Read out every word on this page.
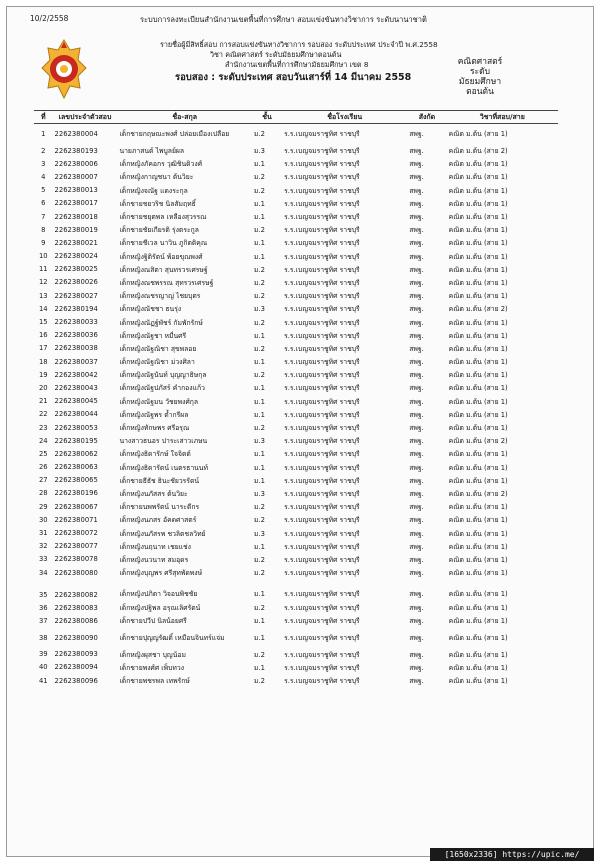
10/2/2558	ระบบการลงทะเบียนสำนักงานเขตพื้นที่การศึกษา สอบแข่งขันทางวิชาการ ระดับนานาชาติ
รายชื่อผู้มีสิทธิ์สอบ การสอบแข่งขันทางวิชาการ รอบสอง ระดับประเทศ ประจำปี พ.ศ.2558
วิชา คณิตศาสตร์ ระดับมัธยมศึกษาตอนต้น
สำนักงานเขตพื้นที่การศึกษามัธยมศึกษา เขต 8
รอบสอง : ระดับประเทศ สอบวันเสาร์ที่ 14 มีนาคม 2558
คณิตศาสตร์
ระดับ
มัธยมศึกษา
ตอนต้น
ที่	เลขประจำตัวสอบ	ชื่อ-สกุล	ชั้น	ชื่อโรงเรียน	สังกัด	วิชาที่สอบ/สาย
1	2262380004	เด็กชายกฤษณะพงศ์ ปล่อยเมืองเปลือย	ม.2	ร.ร.เบญจมราชูทิศ ราชบุรี	สพฐ.	คณิต ม.ต้น (สาย 1)
2	2262380193	นายภาสนต์ ไพบูลย์ผล	ม.3	ร.ร.เบญจมราชูทิศ ราชบุรี	สพฐ.	คณิต ม.ต้น (สาย 2)
3	2262380006	เด็กหญิงภัคอกร วุฒิชินดิวงศ์	ม.1	ร.ร.เบญจมราชูทิศ ราชบุรี	สพฐ.	คณิต ม.ต้น (สาย 1)
4	2262380007	เด็กหญิงกาญชนา ต้นวิยะ	ม.2	ร.ร.เบญจมราชูทิศ ราชบุรี	สพฐ.	คณิต ม.ต้น (สาย 1)
5	2262380013	เด็กหญิงจณัฐ แดงระกุล	ม.2	ร.ร.เบญจมราชูทิศ ราชบุรี	สพฐ.	คณิต ม.ต้น (สาย 1)
6	2262380017	เด็กชายชยวริช นิลสัมฤทธิ์	ม.1	ร.ร.เบญจมราชูทิศ ราชบุรี	สพฐ.	คณิต ม.ต้น (สาย 1)
7	2262380018	เด็กชายชยุตพล เหลืองสุวรรณ	ม.1	ร.ร.เบญจมราชูทิศ ราชบุรี	สพฐ.	คณิต ม.ต้น (สาย 1)
8	2262380019	เด็กชายชัยเกียรติ รุ่งตระกูล	ม.2	ร.ร.เบญจมราชูทิศ ราชบุรี	สพฐ.	คณิต ม.ต้น (สาย 1)
9	2262380021	เด็กชายชีเวล นาวิน ภูกิตติคุณ	ม.1	ร.ร.เบญจมราชูทิศ ราชบุรี	สพฐ.	คณิต ม.ต้น (สาย 1)
10	2262380024	เด็กหญิงฐิติรัตน์ พ้อยขุณพงศ์	ม.1	ร.ร.เบญจมราชูทิศ ราชบุรี	สพฐ.	คณิต ม.ต้น (สาย 1)
11	2262380025	เด็กหญิงณสิตา สุนทรวรเศรษฐ์	ม.2	ร.ร.เบญจมราชูทิศ ราชบุรี	สพฐ.	คณิต ม.ต้น (สาย 1)
12	2262380026	เด็กหญิงณชพรรณ สุทรวรเศรษฐ์	ม.2	ร.ร.เบญจมราชูทิศ ราชบุรี	สพฐ.	คณิต ม.ต้น (สาย 1)
13	2262380027	เด็กหญิงณชรญาญ่ ไชยบุตร	ม.2	ร.ร.เบญจมราชูทิศ ราชบุรี	สพฐ.	คณิต ม.ต้น (สาย 1)
14	2262380194	เด็กหญิงณัชชา ธนรุ่ง	ม.3	ร.ร.เบญจมราชูทิศ ราชบุรี	สพฐ.	คณิต ม.ต้น (สาย 2)
15	2262380033	เด็กหญิงณัฏฐ์พัชร์ กัมพักรักษ์	ม.2	ร.ร.เบญจมราชูทิศ ราชบุรี	สพฐ.	คณิต ม.ต้น (สาย 1)
16	2262380036	เด็กหญิงณัฐชา หมื่นศรี	ม.1	ร.ร.เบญจมราชูทิศ ราชบุรี	สพฐ.	คณิต ม.ต้น (สาย 1)
17	2262380038	เด็กหญิงณัฐณิชา สุขพลอย	ม.2	ร.ร.เบญจมราชูทิศ ราชบุรี	สพฐ.	คณิต ม.ต้น (สาย 1)
18	2262380037	เด็กหญิงณัฐณิชา ม่วงศิลา	ม.1	ร.ร.เบญจมราชูทิศ ราชบุรี	สพฐ.	คณิต ม.ต้น (สาย 1)
19	2262380042	เด็กหญิงณัฐนันท์ บุญญาธิษกุล	ม.2	ร.ร.เบญจมราชูทิศ ราชบุรี	สพฐ.	คณิต ม.ต้น (สาย 1)
20	2262380043	เด็กหญิงณัฐปภัสร์ คำกองแก้ว	ม.1	ร.ร.เบญจมราชูทิศ ราชบุรี	สพฐ.	คณิต ม.ต้น (สาย 1)
21	2262380045	เด็กหญิงณัฐมน วัชยพงศ์กุล	ม.1	ร.ร.เบญจมราชูทิศ ราชบุรี	สพฐ.	คณิต ม.ต้น (สาย 1)
22	2262380044	เด็กหญิงณัฐพร ต้ำกรีผล	ม.1	ร.ร.เบญจมราชูทิศ ราชบุรี	สพฐ.	คณิต ม.ต้น (สาย 1)
23	2262380053	เด็กหญิงทักษพร ศรีอรุณ	ม.2	ร.ร.เบญจมราชูทิศ ราชบุรี	สพฐ.	คณิต ม.ต้น (สาย 1)
24	2262380195	นางสาวธนอร ปาระเสาวเภษน	ม.3	ร.ร.เบญจมราชูทิศ ราชบุรี	สพฐ.	คณิต ม.ต้น (สาย 2)
25	2262380062	เด็กหญิงธิดารักษ์ ใจจิตต์	ม.1	ร.ร.เบญจมราชูทิศ ราชบุรี	สพฐ.	คณิต ม.ต้น (สาย 1)
26	2262380063	เด็กหญิงธิดารัตน์ เนตรธานนท์	ม.1	ร.ร.เบญจมราชูทิศ ราชบุรี	สพฐ.	คณิต ม.ต้น (สาย 1)
27	2262380065	เด็กชายธีธัช ธินะชัยวรรัตน์	ม.1	ร.ร.เบญจมราชูทิศ ราชบุรี	สพฐ.	คณิต ม.ต้น (สาย 1)
28	2262380196	เด็กหญิงนภัสสร ต้นวิยะ	ม.3	ร.ร.เบญจมราชูทิศ ราชบุรี	สพฐ.	คณิต ม.ต้น (สาย 2)
29	2262380067	เด็กชายนพพรัตน์ นาระดีกร	ม.2	ร.ร.เบญจมราชูทิศ ราชบุรี	สพฐ.	คณิต ม.ต้น (สาย 1)
30	2262380071	เด็กหญิงนภสร อัคดศาสตร์	ม.2	ร.ร.เบญจมราชูทิศ ราชบุรี	สพฐ.	คณิต ม.ต้น (สาย 1)
31	2262380072	เด็กหญิงนภัสรพ ชวลิตชลวิทย์	ม.3	ร.ร.เบญจมราชูทิศ ราชบุรี	สพฐ.	คณิต ม.ต้น (สาย 1)
32	2262380077	เด็กหญิงนฤนาท เชยแช่ง	ม.1	ร.ร.เบญจมราชูทิศ ราชบุรี	สพฐ.	คณิต ม.ต้น (สาย 1)
33	2262380078	เด็กหญิงนวนาท สมอุดร	ม.2	ร.ร.เบญจมราชูทิศ ราชบุรี	สพฐ.	คณิต ม.ต้น (สาย 1)
34	2262380080	เด็กหญิงบุญพร ศรีสุทพัดพงษ์	ม.2	ร.ร.เบญจมราชูทิศ ราชบุรี	สพฐ.	คณิต ม.ต้น (สาย 1)
35	2262380082	เด็กหญิงปภิตา วิจอนพิชชัย	ม.1	ร.ร.เบญจมราชูทิศ ราชบุรี	สพฐ.	คณิต ม.ต้น (สาย 1)
36	2262380083	เด็กหญิงปฐิพล อรุณเลิศรัตน์	ม.2	ร.ร.เบญจมราชูทิศ ราชบุรี	สพฐ.	คณิต ม.ต้น (สาย 1)
37	2262380086	เด็กชายปวีป นิลน้อยศรี	ม.1	ร.ร.เบญจมราชูทิศ ราชบุรี	สพฐ.	คณิต ม.ต้น (สาย 1)
38	2262380090	เด็กชายปุญญรัฒติ์ เหมือนจินทร์แจ่ม	ม.1	ร.ร.เบญจมราชูทิศ ราชบุรี	สพฐ.	คณิต ม.ต้น (สาย 1)
39	2262380093	เด็กหญิงผุสชา บุญน้อม	ม.2	ร.ร.เบญจมราชูทิศ ราชบุรี	สพฐ.	คณิต ม.ต้น (สาย 1)
40	2262380094	เด็กชายพงศ์ศ เพ็บทวง	ม.1	ร.ร.เบญจมราชูทิศ ราชบุรี	สพฐ.	คณิต ม.ต้น (สาย 1)
41	2262380096	เด็กชายพชรพล เทพรักษ์	ม.2	ร.ร.เบญจมราชูทิศ ราชบุรี	สพฐ.	คณิต ม.ต้น (สาย 1)
[1650x2336] https://upic.me/
